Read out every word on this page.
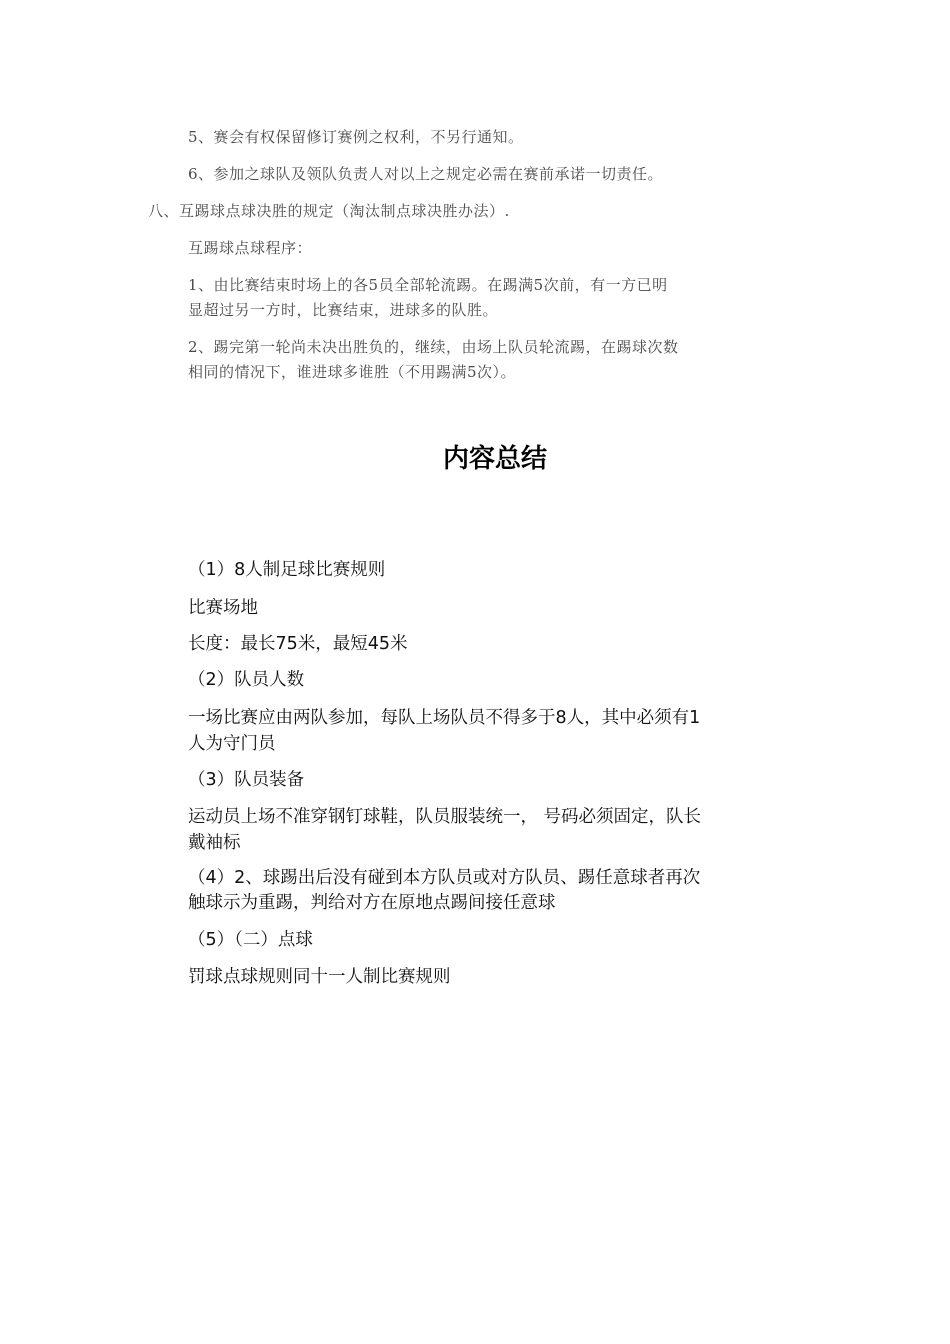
5、赛会有权保留修订赛例之权利，不另行通知。

6、参加之球队及领队负责人对以上之规定必需在赛前承诺一切责任。

八、互踢球点球决胜的规定（淘汰制点球决胜办法）.

互踢球点球程序：

1、由比赛结束时场上的各5员全部轮流踢。在踢满5次前，有一方已明

显超过另一方时，比赛结束，进球多的队胜。

2、踢完第一轮尚未决出胜负的，继续，由场上队员轮流踢，在踢球次数

相同的情况下，谁进球多谁胜（不用踢满5次）。

内容总结

（1）8人制足球比赛规则

比赛场地

长度：最长75米，最短45米

（2）队员人数

一场比赛应由两队参加，每队上场队员不得多于8人，其中必须有1

人为守门员

（3）队员装备

运动员上场不准穿钢钉球鞋，队员服装统一， 号码必须固定，队长

戴袖标

（4）2、球踢出后没有碰到本方队员或对方队员、踢任意球者再次

触球示为重踢，判给对方在原地点踢间接任意球

（5）（二）点球

罚球点球规则同十一人制比赛规则
